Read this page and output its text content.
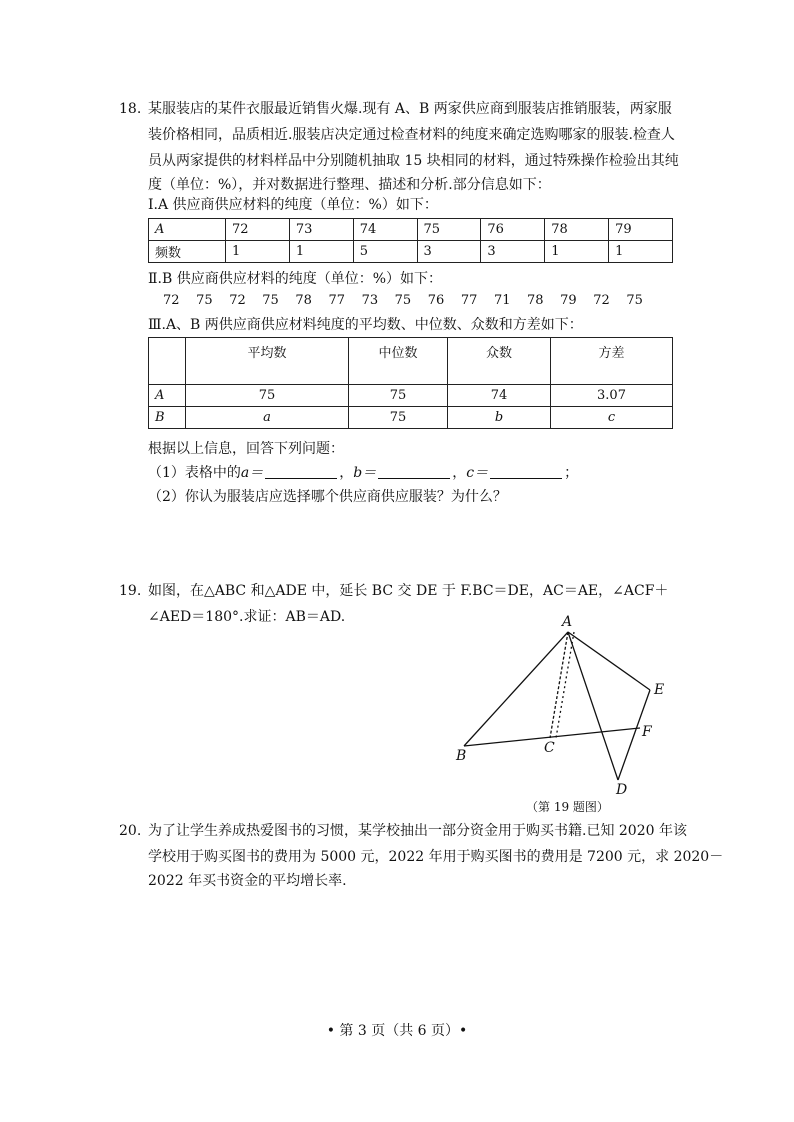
18. 某服装店的某件衣服最近销售火爆.现有 A、B 两家供应商到服装店推销服装，两家服
装价格相同，品质相近.服装店决定通过检查材料的纯度来确定选购哪家的服装.检查人
员从两家提供的材料样品中分别随机抽取 15 块相同的材料，通过特殊操作检验出其纯
度（单位：%），并对数据进行整理、描述和分析.部分信息如下：
Ⅰ.A 供应商供应材料的纯度（单位：%）如下：
A	72	73	74	75	76	78	79
频数	1	1	5	3	3	1	1
Ⅱ.B 供应商供应材料的纯度（单位：%）如下：
72 75 72 75 78 77 73 75 76 77 71 78 79 72 75
Ⅲ.A、B 两供应商供应材料纯度的平均数、中位数、众数和方差如下：
	平均数	中位数	众数	方差
A	75	75	74	3.07
B	a	75	b	c
根据以上信息，回答下列问题：
（1）表格中的a＝	，b＝	，c＝	；
（2）你认为服装店应选择哪个供应商供应服装？为什么？
19. 如图，在△ABC 和△ADE 中，延长 BC 交 DE 于 F.BC＝DE，AC＝AE，∠ACF＋
∠AED＝180°.求证：AB＝AD.	A
B	C
D
E
F
（第 19 题图）
20. 为了让学生养成热爱图书的习惯，某学校抽出一部分资金用于购买书籍.已知 2020 年该
学校用于购买图书的费用为 5000 元，2022 年用于购买图书的费用是 7200 元，求 2020－
2022 年买书资金的平均增长率.
• 第 3 页（共 6 页）•
